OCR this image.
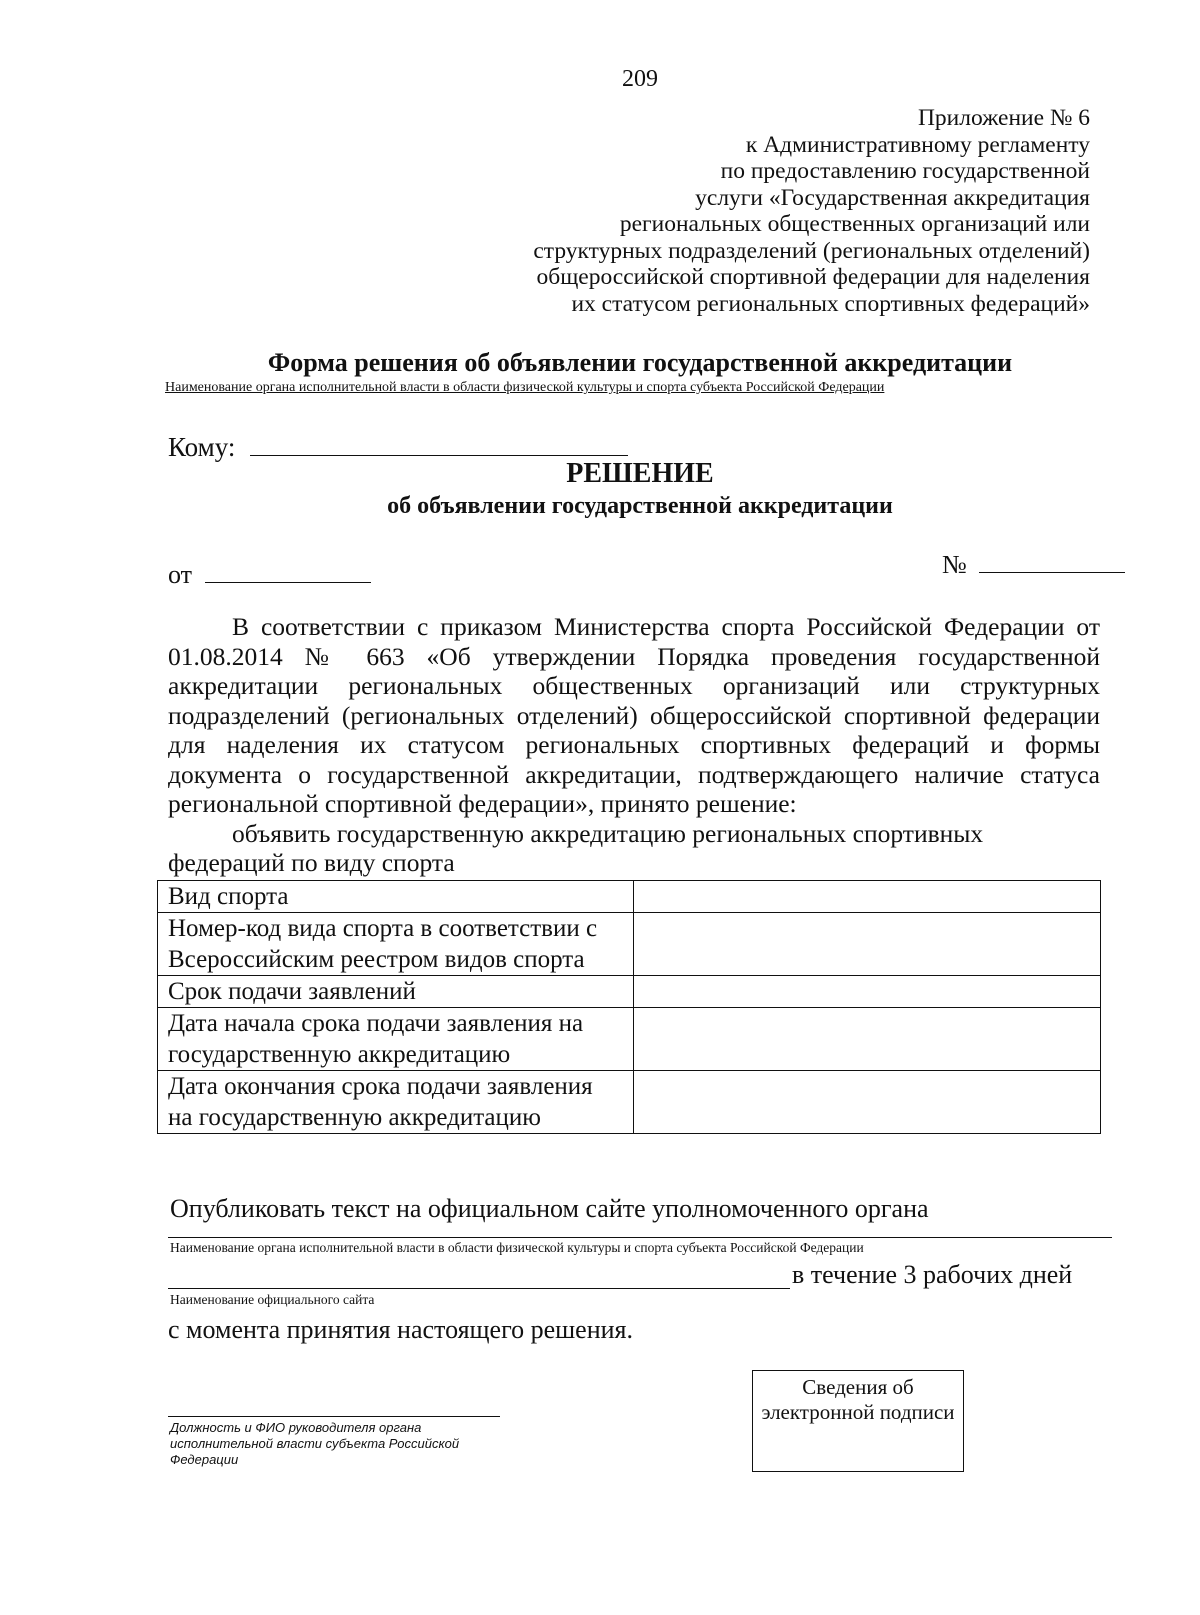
209
Приложение № 6
к Административному регламенту
по предоставлению государственной
услуги «Государственная аккредитация
региональных общественных организаций или
структурных подразделений (региональных отделений)
общероссийской спортивной федерации для наделения
их статусом региональных спортивных федераций»
Форма решения об объявлении государственной аккредитации
Наименование органа исполнительной власти в области физической культуры и спорта субъекта Российской Федерации
Кому:
РЕШЕНИЕ
об объявлении государственной аккредитации
от	№
В соответствии с приказом Министерства спорта Российской Федерации от 01.08.2014 № 663 «Об утверждении Порядка проведения государственной аккредитации региональных общественных организаций или структурных подразделений (региональных отделений) общероссийской спортивной федерации для наделения их статусом региональных спортивных федераций и формы документа о государственной аккредитации, подтверждающего наличие статуса региональной спортивной федерации», принято решение:
объявить государственную аккредитацию региональных спортивных
федераций по виду спорта
Вид спорта	
Номер-код вида спорта в соответствии с Всероссийским реестром видов спорта	
Срок подачи заявлений	
Дата начала срока подачи заявления на государственную аккредитацию	
Дата окончания срока подачи заявления на государственную аккредитацию	
Опубликовать текст на официальном сайте уполномоченного органа
Наименование органа исполнительной власти в области физической культуры и спорта субъекта Российской Федерации
в течение 3 рабочих дней
Наименование официального сайта
с момента принятия настоящего решения.
Должность и ФИО руководителя органа исполнительной власти субъекта Российской Федерации
Сведения об электронной подписи
